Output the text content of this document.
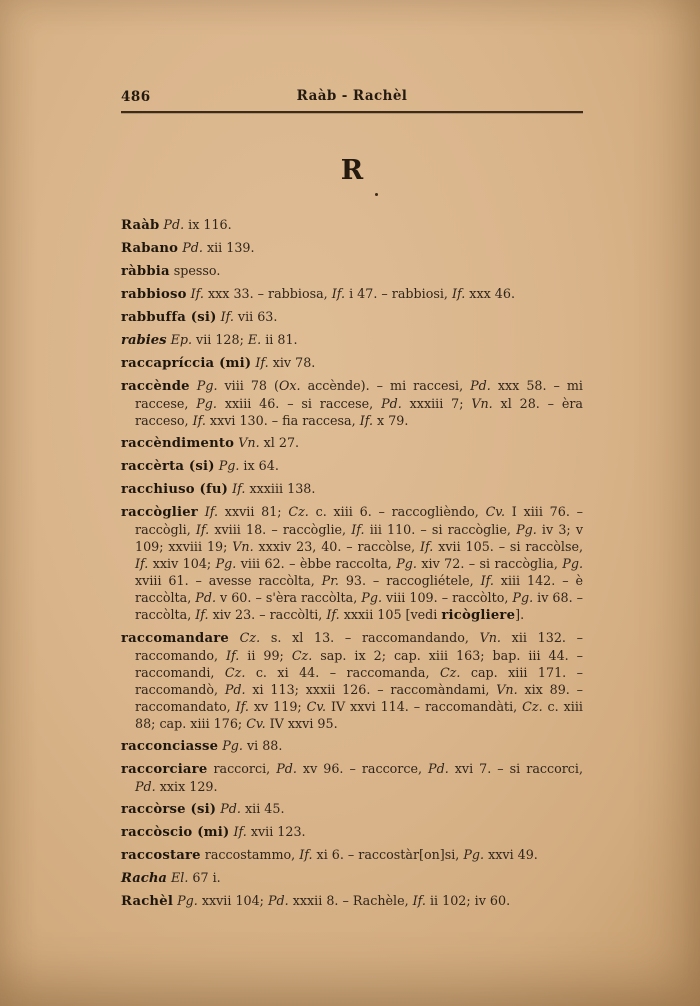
486	Raàb - Rachèl
R

Raàb Pd. ix 116.

Rabano Pd. xii 139.

ràbbia spesso.

rabbioso If. xxx 33. – rabbiosa, If. i 47. – rabbiosi, If. xxx 46.

rabbuffa (si) If. vii 63.

rabies Ep. vii 128; E. ii 81.

raccapríccia (mi) If. xiv 78.

raccènde Pg. viii 78 (Ox. accènde). – mi raccesi, Pd. xxx 58. – mi raccese, Pg. xxiii 46. – si raccese, Pd. xxxiii 7; Vn. xl 28. – èra racceso, If. xxvi 130. – fia raccesa, If. x 79.

raccèndimento Vn. xl 27.

raccèrta (si) Pg. ix 64.

racchiuso (fu) If. xxxiii 138.

raccòglier If. xxvii 81; Cz. c. xiii 6. – raccoglièndo, Cv. I xiii 76. – raccògli, If. xviii 18. – raccòglie, If. iii 110. – si raccòglie, Pg. iv 3; v 109; xxviii 19; Vn. xxxiv 23, 40. – raccòlse, If. xvii 105. – si raccòlse, If. xxiv 104; Pg. viii 62. – èbbe raccolta, Pg. xiv 72. – si raccòglia, Pg. xviii 61. – avesse raccòlta, Pr. 93. – raccogliétele, If. xiii 142. – è raccòlta, Pd. v 60. – s'èra raccòlta, Pg. viii 109. – raccòlto, Pg. iv 68. – raccòlta, If. xiv 23. – raccòlti, If. xxxii 105 [vedi ricògliere].

raccomandare Cz. s. xl 13. – raccomandando, Vn. xii 132. – raccomando, If. ii 99; Cz. sap. ix 2; cap. xiii 163; bap. iii 44. – raccomandi, Cz. c. xi 44. – raccomanda, Cz. cap. xiii 171. – raccomandò, Pd. xi 113; xxxii 126. – raccomàndami, Vn. xix 89. – raccomandato, If. xv 119; Cv. IV xxvi 114. – raccomandàti, Cz. c. xiii 88; cap. xiii 176; Cv. IV xxvi 95.

racconciasse Pg. vi 88.

raccorciare raccorci, Pd. xv 96. – raccorce, Pd. xvi 7. – si raccorci, Pd. xxix 129.

raccòrse (si) Pd. xii 45.

raccòscio (mi) If. xvii 123.

raccostare raccostammo, If. xi 6. – raccostàr[on]si, Pg. xxvi 49.

Racha El. 67 i.

Rachèl Pg. xxvii 104; Pd. xxxii 8. – Rachèle, If. ii 102; iv 60.
